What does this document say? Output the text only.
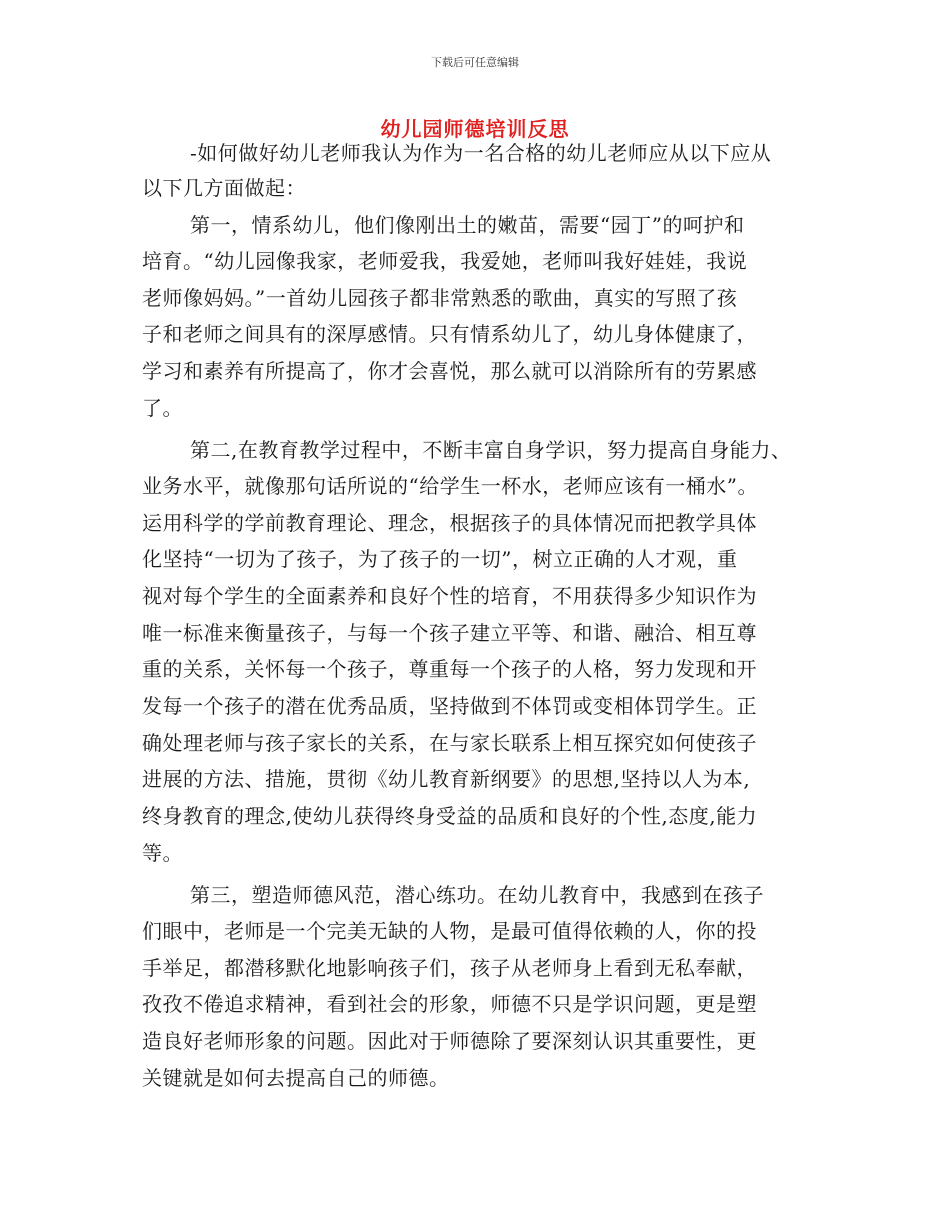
下载后可任意编辑
幼儿园师德培训反思
-如何做好幼儿老师我认为作为一名合格的幼儿老师应从以下应从
以下几方面做起：
第一，情系幼儿，他们像刚出土的嫩苗，需要“园丁”的呵护和
培育。“幼儿园像我家，老师爱我，我爱她，老师叫我好娃娃，我说
老师像妈妈。”一首幼儿园孩子都非常熟悉的歌曲，真实的写照了孩
子和老师之间具有的深厚感情。只有情系幼儿了，幼儿身体健康了，
学习和素养有所提高了，你才会喜悦，那么就可以消除所有的劳累感
了。
第二,在教育教学过程中，不断丰富自身学识，努力提高自身能力、
业务水平，就像那句话所说的“给学生一杯水，老师应该有一桶水”。
运用科学的学前教育理论、理念，根据孩子的具体情况而把教学具体
化坚持“一切为了孩子，为了孩子的一切”，树立正确的人才观，重
视对每个学生的全面素养和良好个性的培育，不用获得多少知识作为
唯一标准来衡量孩子，与每一个孩子建立平等、和谐、融洽、相互尊
重的关系，关怀每一个孩子，尊重每一个孩子的人格，努力发现和开
发每一个孩子的潜在优秀品质，坚持做到不体罚或变相体罚学生。正
确处理老师与孩子家长的关系，在与家长联系上相互探究如何使孩子
进展的方法、措施，贯彻《幼儿教育新纲要》的思想,坚持以人为本,
终身教育的理念,使幼儿获得终身受益的品质和良好的个性,态度,能力
等。
第三，塑造师德风范，潜心练功。在幼儿教育中，我感到在孩子
们眼中，老师是一个完美无缺的人物，是最可值得依赖的人，你的投
手举足，都潜移默化地影响孩子们，孩子从老师身上看到无私奉献，
孜孜不倦追求精神，看到社会的形象，师德不只是学识问题，更是塑
造良好老师形象的问题。因此对于师德除了要深刻认识其重要性，更
关键就是如何去提高自己的师德。
